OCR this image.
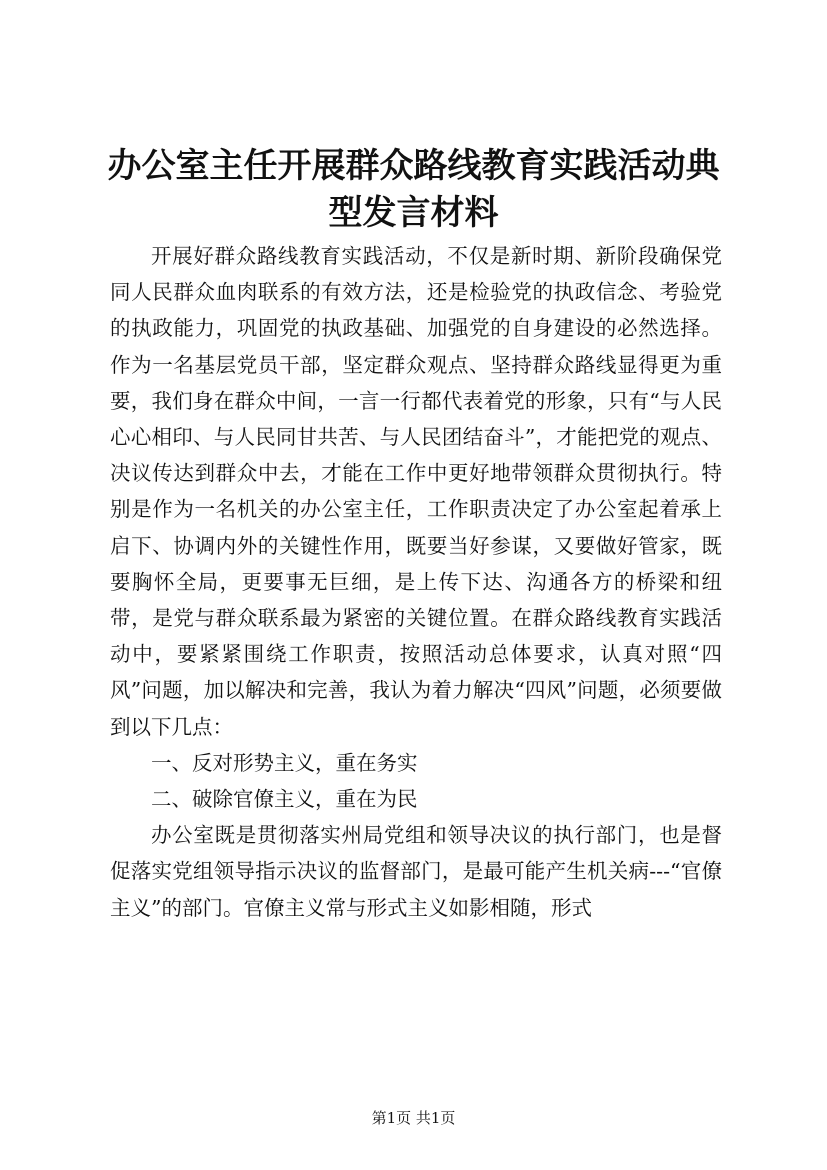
办公室主任开展群众路线教育实践活动典型发言材料

开展好群众路线教育实践活动，不仅是新时期、新阶段确保党同人民群众血肉联系的有效方法，还是检验党的执政信念、考验党的执政能力，巩固党的执政基础、加强党的自身建设的必然选择。作为一名基层党员干部，坚定群众观点、坚持群众路线显得更为重要，我们身在群众中间，一言一行都代表着党的形象，只有“与人民心心相印、与人民同甘共苦、与人民团结奋斗”，才能把党的观点、决议传达到群众中去，才能在工作中更好地带领群众贯彻执行。特别是作为一名机关的办公室主任，工作职责决定了办公室起着承上启下、协调内外的关键性作用，既要当好参谋，又要做好管家，既要胸怀全局，更要事无巨细，是上传下达、沟通各方的桥梁和纽带，是党与群众联系最为紧密的关键位置。在群众路线教育实践活动中，要紧紧围绕工作职责，按照活动总体要求，认真对照“四风”问题，加以解决和完善，我认为着力解决“四风”问题，必须要做到以下几点：

一、反对形势主义，重在务实

二、破除官僚主义，重在为民

办公室既是贯彻落实州局党组和领导决议的执行部门，也是督促落实党组领导指示决议的监督部门，是最可能产生机关病---“官僚主义”的部门。官僚主义常与形式主义如影相随，形式

第1页 共1页
